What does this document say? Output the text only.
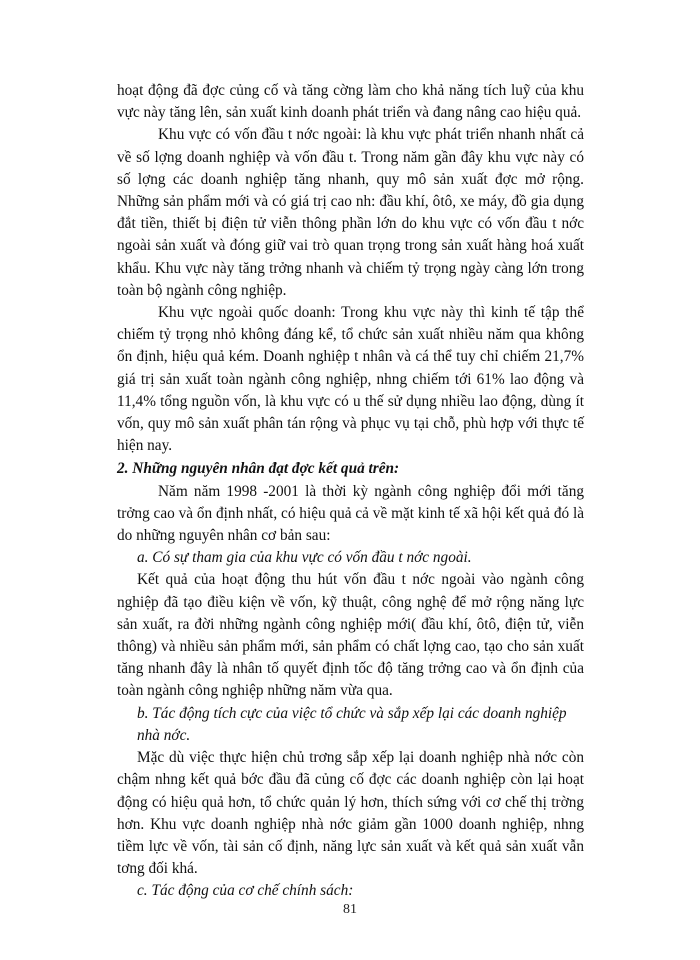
hoạt động đã đợc củng cố và tăng cờng làm cho khả năng tích luỹ của khu vực này tăng lên, sản xuất kinh doanh phát triển và đang nâng cao hiệu quả.

Khu vực có vốn đầu t nớc ngoài: là khu vực phát triển nhanh nhất cả về số lợng doanh nghiệp và vốn đầu t. Trong năm gần đây khu vực này có số lợng các doanh nghiệp tăng nhanh, quy mô sản xuất đợc mở rộng. Những sản phẩm mới và có giá trị cao nh: đầu khí, ôtô, xe máy, đồ gia dụng đắt tiền, thiết bị điện tử viễn thông phần lớn do khu vực có vốn đầu t nớc ngoài sản xuất và đóng giữ vai trò quan trọng trong sản xuất hàng hoá xuất khẩu. Khu vực này tăng trởng nhanh và chiếm tỷ trọng ngày càng lớn trong toàn bộ ngành công nghiệp.

Khu vực ngoài quốc doanh: Trong khu vực này thì kinh tế tập thể chiếm tỷ trọng nhỏ không đáng kể, tổ chức sản xuất nhiều năm qua không ổn định, hiệu quả kém. Doanh nghiệp t nhân và cá thể tuy chỉ chiếm 21,7% giá trị sản xuất toàn ngành công nghiệp, nhng chiếm tới 61% lao động và 11,4% tổng nguồn vốn, là khu vực có u thế sử dụng nhiều lao động, dùng ít vốn, quy mô sản xuất phân tán rộng và phục vụ tại chỗ, phù hợp với thực tế hiện nay.

2. Những nguyên nhân đạt đợc kết quả trên:

Năm năm 1998 -2001 là thời kỳ ngành công nghiệp đổi mới tăng trởng cao và ổn định nhất, có hiệu quả cả về mặt kinh tế xã hội kết quả đó là do những nguyên nhân cơ bản sau:

a. Có sự tham gia của khu vực có vốn đầu t nớc ngoài.

Kết quả của hoạt động thu hút vốn đầu t nớc ngoài vào ngành công nghiệp đã tạo điều kiện về vốn, kỹ thuật, công nghệ để mở rộng năng lực sản xuất, ra đời những ngành công nghiệp mới( đầu khí, ôtô, điện tử, viễn thông) và nhiều sản phẩm mới, sản phẩm có chất lợng cao, tạo cho sản xuất tăng nhanh đây là nhân tố quyết định tốc độ tăng trởng cao và ổn định của toàn ngành công nghiệp những năm vừa qua.

b. Tác động tích cực của việc tổ chức và sắp xếp lại các doanh nghiệp nhà nớc.

Mặc dù việc thực hiện chủ trơng sắp xếp lại doanh nghiệp nhà nớc còn chậm nhng kết quả bớc đầu đã củng cố đợc các doanh nghiệp còn lại hoạt động có hiệu quả hơn, tổ chức quản lý hơn, thích sứng với cơ chế thị trờng hơn. Khu vực doanh nghiệp nhà nớc giảm gần 1000 doanh nghiệp, nhng tiềm lực về vốn, tài sản cố định, năng lực sản xuất và kết quả sản xuất vẫn tơng đối khá.

c. Tác động của cơ chế chính sách:

81
